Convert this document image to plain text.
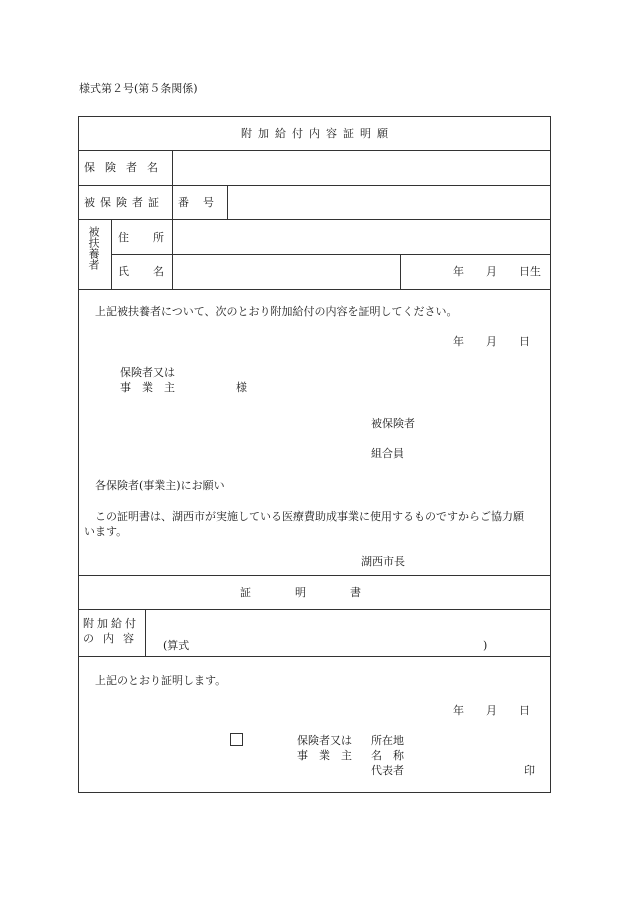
様式第２号(第５条関係)
附加給付内容証明願
保険者名
被保険者証 番号
被扶養者 住所
氏名	年　　月　　日生
上記被扶養者について、次のとおり附加給付の内容を証明してください。
年　　月　　日
保険者又は
事　業　主	様
被保険者
組合員
各保険者(事業主)にお願い
この証明書は、湖西市が実施している医療費助成事業に使用するものですからご協力願
います。
湖西市長
証　　　　明　　　　書
附加給付
の内容
(算式	)
上記のとおり証明します。
年　　月　　日
保険者又は
事　業　主
所在地
名　称
代表者	印
